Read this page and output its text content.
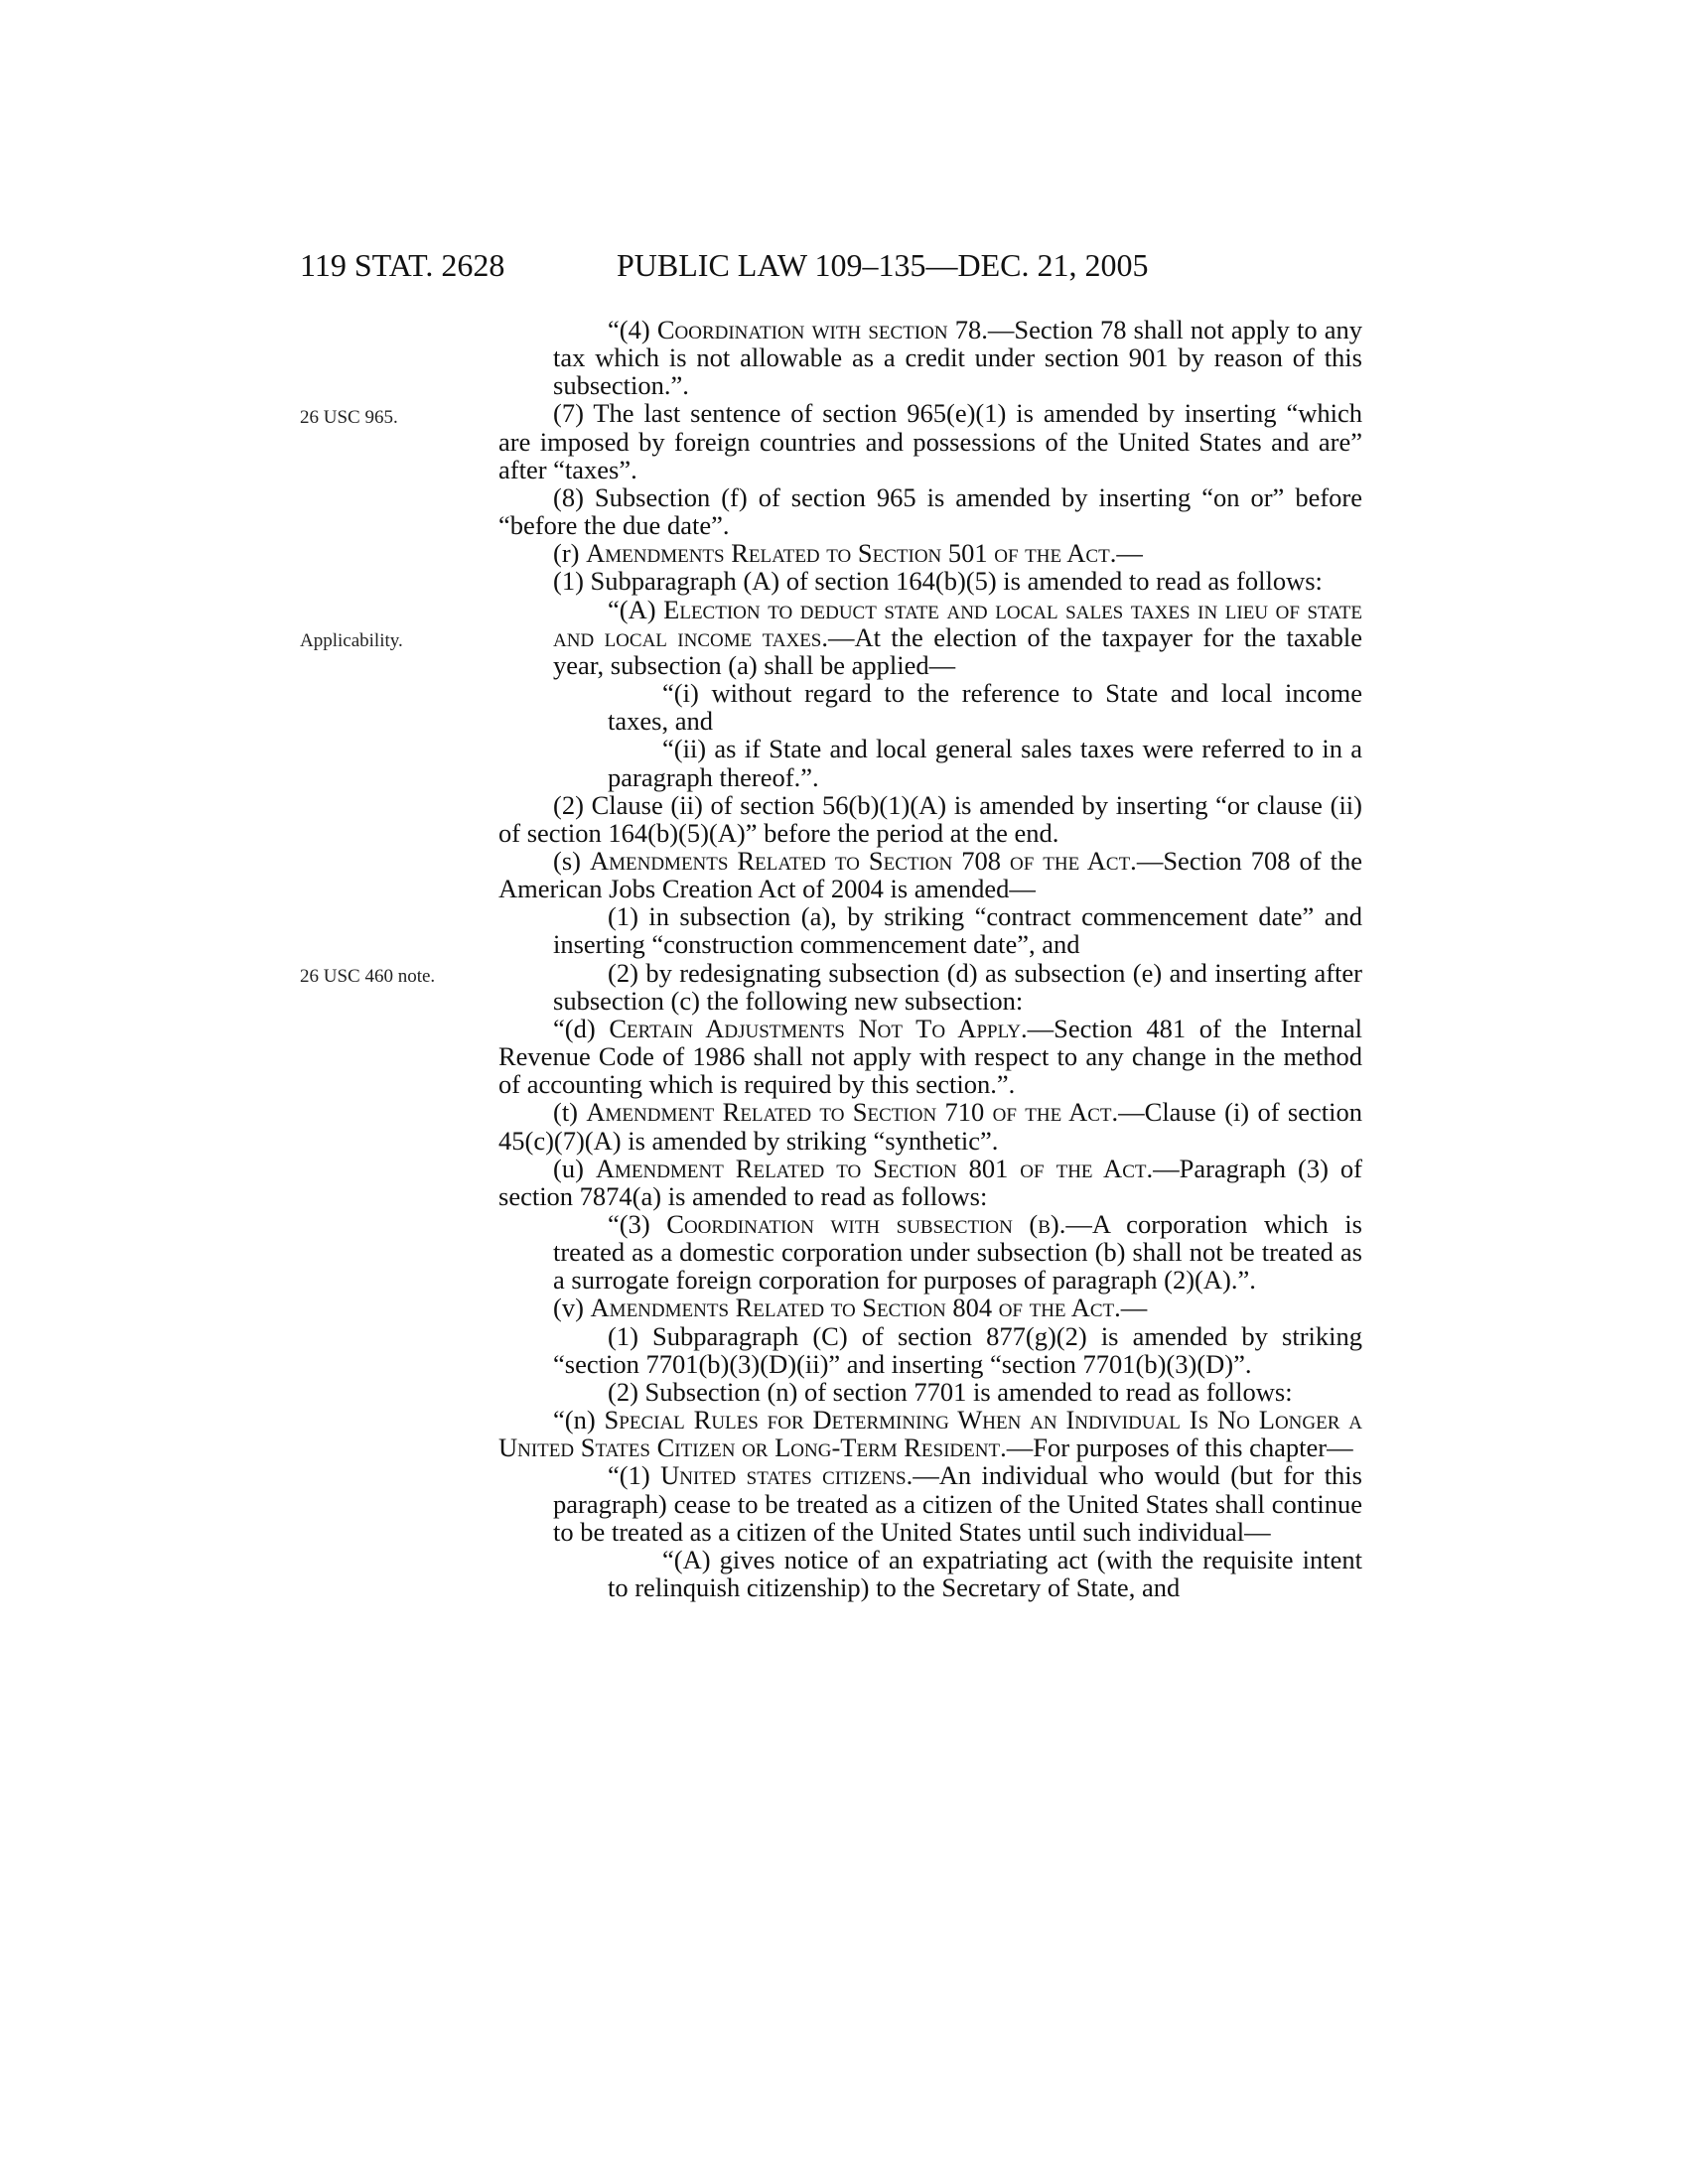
119 STAT. 2628	PUBLIC LAW 109–135—DEC. 21, 2005
26 USC 965.
Applicability.
26 USC 460 note.

“(4) Coordination with section 78.—Section 78 shall not apply to any tax which is not allowable as a credit under section 901 by reason of this subsection.”.

(7) The last sentence of section 965(e)(1) is amended by inserting “which are imposed by foreign countries and possessions of the United States and are” after “taxes”.

(8) Subsection (f) of section 965 is amended by inserting “on or” before “before the due date”.

(r) Amendments Related to Section 501 of the Act.—

(1) Subparagraph (A) of section 164(b)(5) is amended to read as follows:

“(A) Election to deduct state and local sales taxes in lieu of state and local income taxes.—At the election of the taxpayer for the taxable year, subsection (a) shall be applied—

“(i) without regard to the reference to State and local income taxes, and

“(ii) as if State and local general sales taxes were referred to in a paragraph thereof.”.

(2) Clause (ii) of section 56(b)(1)(A) is amended by inserting “or clause (ii) of section 164(b)(5)(A)” before the period at the end.

(s) Amendments Related to Section 708 of the Act.—Section 708 of the American Jobs Creation Act of 2004 is amended—

(1) in subsection (a), by striking “contract commencement date” and inserting “construction commencement date”, and

(2) by redesignating subsection (d) as subsection (e) and inserting after subsection (c) the following new subsection:

“(d) Certain Adjustments Not To Apply.—Section 481 of the Internal Revenue Code of 1986 shall not apply with respect to any change in the method of accounting which is required by this section.”.

(t) Amendment Related to Section 710 of the Act.—Clause (i) of section 45(c)(7)(A) is amended by striking “synthetic”.

(u) Amendment Related to Section 801 of the Act.—Paragraph (3) of section 7874(a) is amended to read as follows:

“(3) Coordination with subsection (b).—A corporation which is treated as a domestic corporation under subsection (b) shall not be treated as a surrogate foreign corporation for purposes of paragraph (2)(A).”.

(v) Amendments Related to Section 804 of the Act.—

(1) Subparagraph (C) of section 877(g)(2) is amended by striking “section 7701(b)(3)(D)(ii)” and inserting “section 7701(b)(3)(D)”.

(2) Subsection (n) of section 7701 is amended to read as follows:

“(n) Special Rules for Determining When an Individual Is No Longer a United States Citizen or Long-Term Resident.—For purposes of this chapter—

“(1) United states citizens.—An individual who would (but for this paragraph) cease to be treated as a citizen of the United States shall continue to be treated as a citizen of the United States until such individual—

“(A) gives notice of an expatriating act (with the requisite intent to relinquish citizenship) to the Secretary of State, and
